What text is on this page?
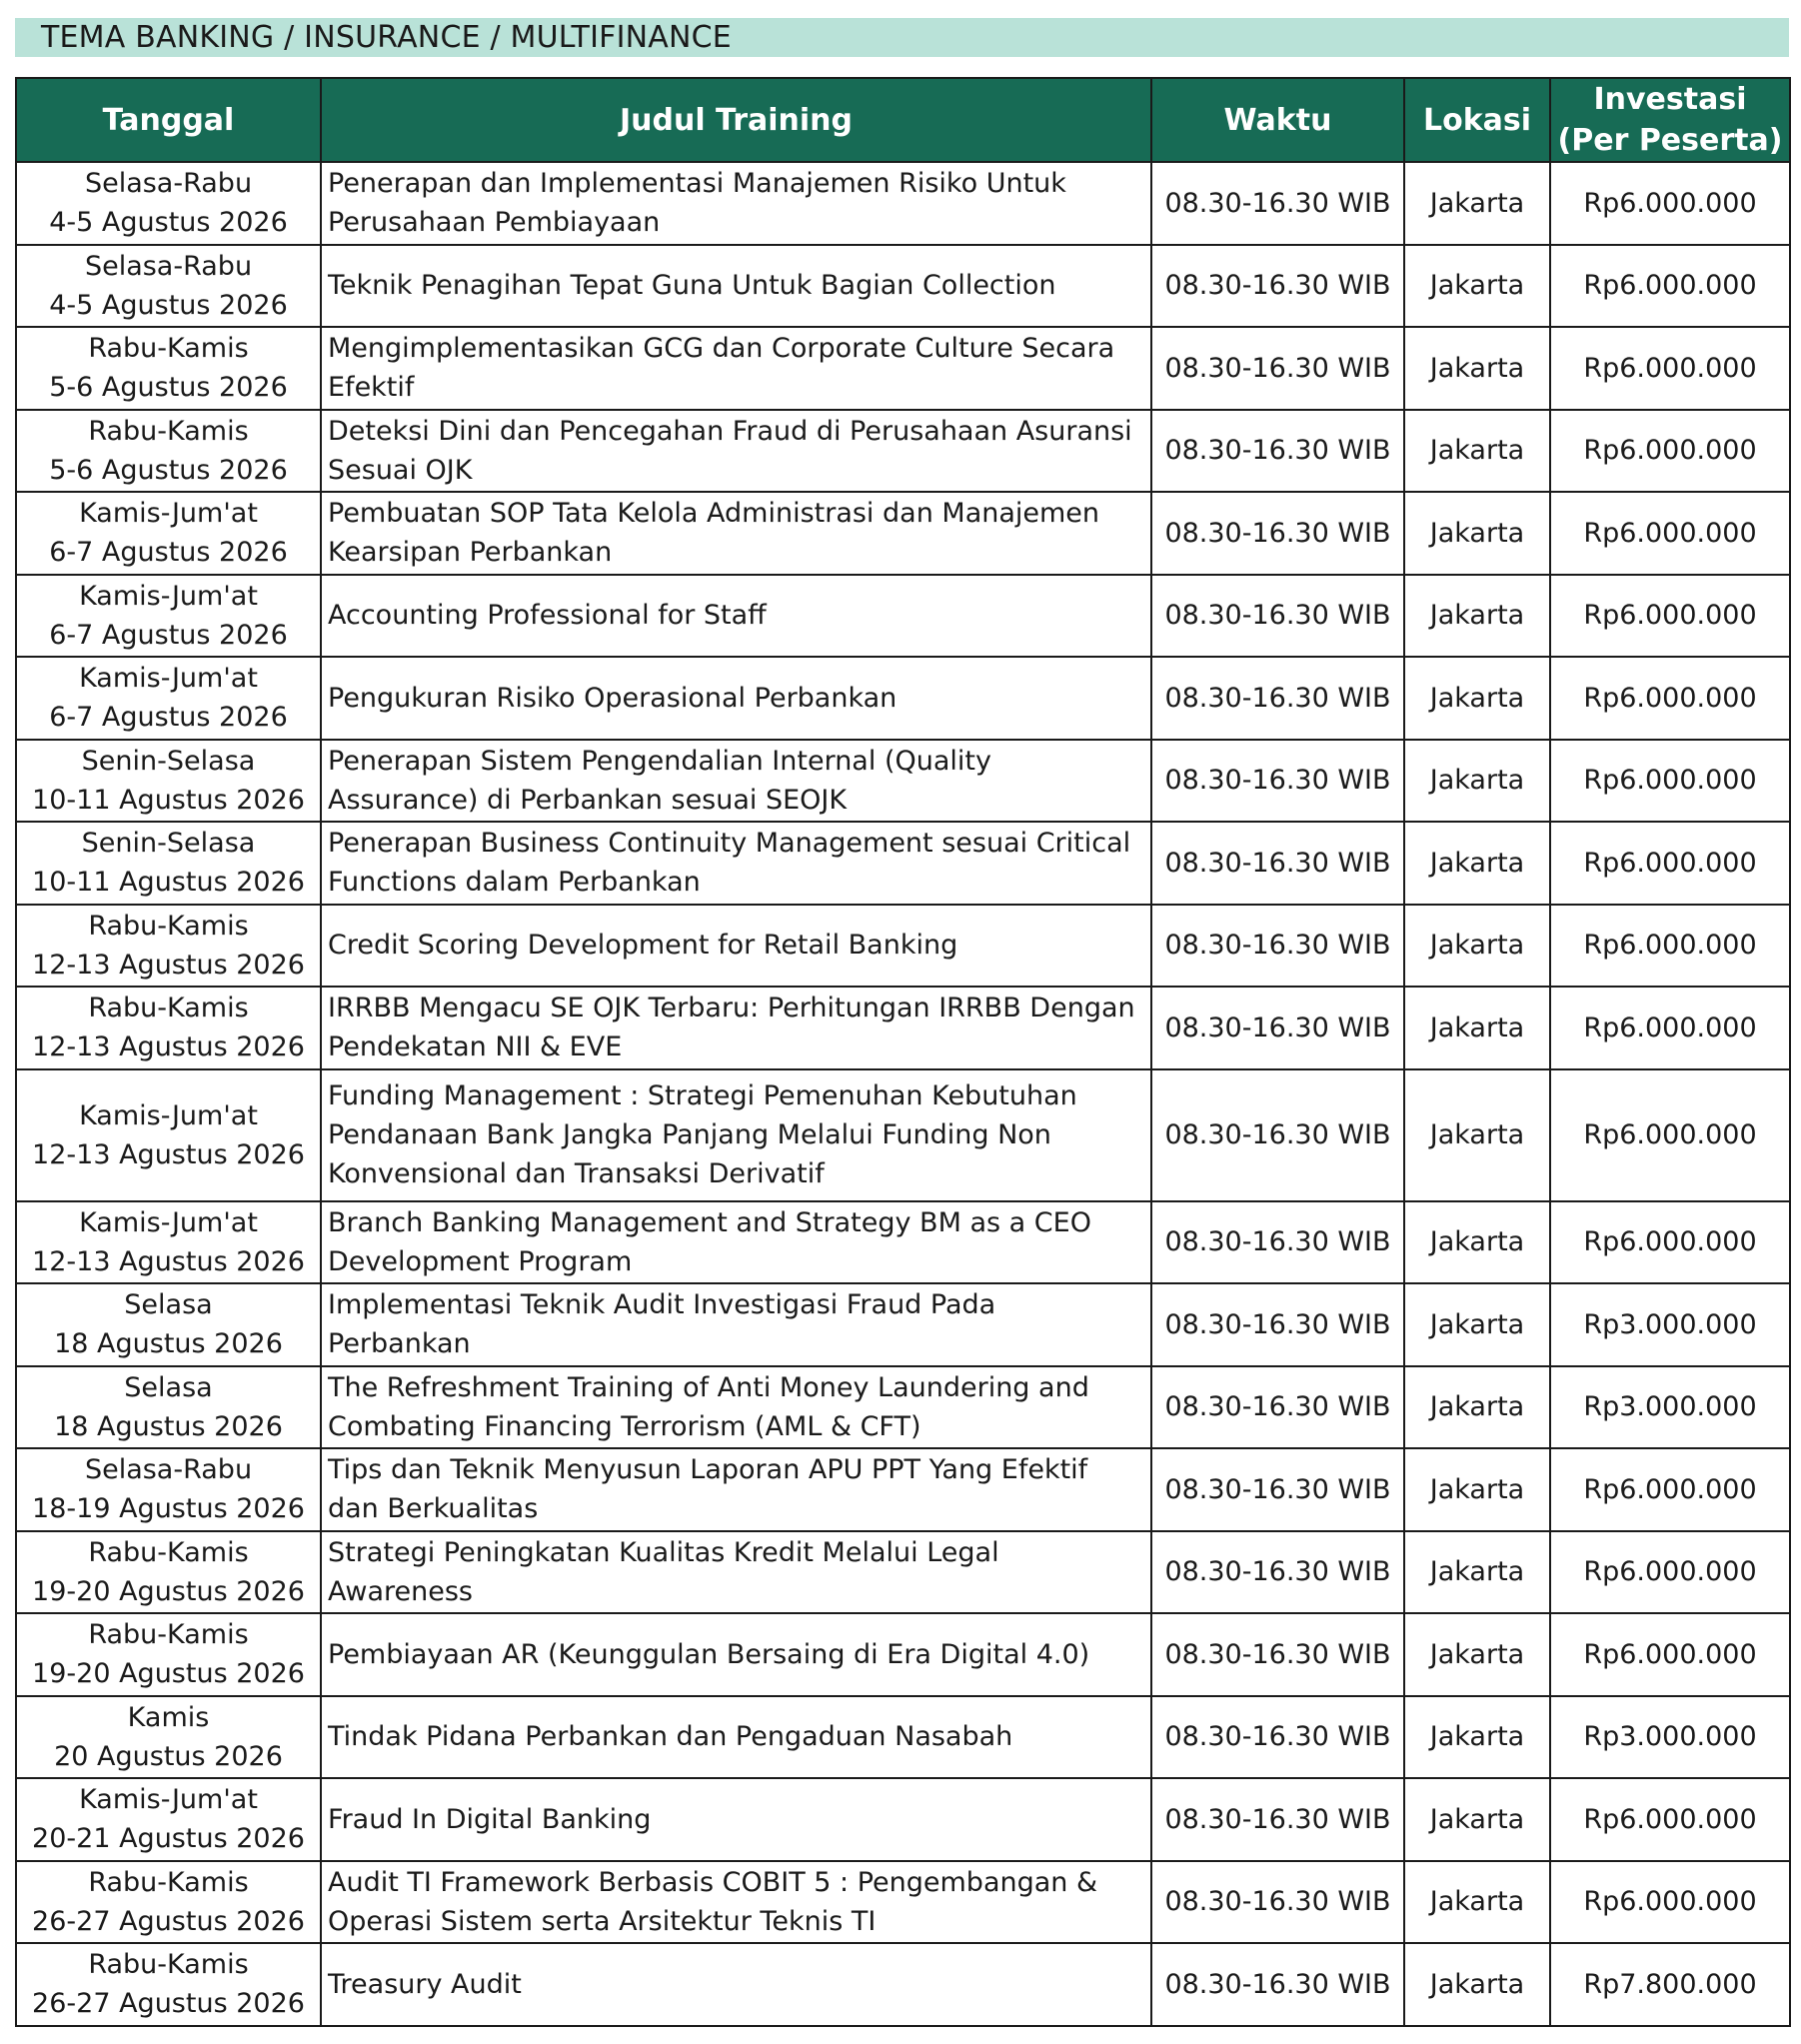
TEMA BANKING / INSURANCE / MULTIFINANCE
Tanggal	Judul Training	Waktu	Lokasi	Investasi
(Per Peserta)

Selasa-Rabu
4-5 Agustus 2026	Penerapan dan Implementasi Manajemen Risiko Untuk Perusahaan Pembiayaan	08.30-16.30 WIB	Jakarta	Rp6.000.000

Selasa-Rabu
4-5 Agustus 2026	Teknik Penagihan Tepat Guna Untuk Bagian Collection	08.30-16.30 WIB	Jakarta	Rp6.000.000

Rabu-Kamis
5-6 Agustus 2026	Mengimplementasikan GCG dan Corporate Culture Secara Efektif	08.30-16.30 WIB	Jakarta	Rp6.000.000

Rabu-Kamis
5-6 Agustus 2026	Deteksi Dini dan Pencegahan Fraud di Perusahaan Asuransi Sesuai OJK	08.30-16.30 WIB	Jakarta	Rp6.000.000

Kamis-Jum'at
6-7 Agustus 2026	Pembuatan SOP Tata Kelola Administrasi dan Manajemen Kearsipan Perbankan	08.30-16.30 WIB	Jakarta	Rp6.000.000

Kamis-Jum'at
6-7 Agustus 2026	Accounting Professional for Staff	08.30-16.30 WIB	Jakarta	Rp6.000.000

Kamis-Jum'at
6-7 Agustus 2026	Pengukuran Risiko Operasional Perbankan	08.30-16.30 WIB	Jakarta	Rp6.000.000

Senin-Selasa
10-11 Agustus 2026	Penerapan Sistem Pengendalian Internal (Quality Assurance) di Perbankan sesuai SEOJK	08.30-16.30 WIB	Jakarta	Rp6.000.000

Senin-Selasa
10-11 Agustus 2026	Penerapan Business Continuity Management sesuai Critical Functions dalam Perbankan	08.30-16.30 WIB	Jakarta	Rp6.000.000

Rabu-Kamis
12-13 Agustus 2026	Credit Scoring Development for Retail Banking	08.30-16.30 WIB	Jakarta	Rp6.000.000

Rabu-Kamis
12-13 Agustus 2026	IRRBB Mengacu SE OJK Terbaru: Perhitungan IRRBB Dengan Pendekatan NII & EVE	08.30-16.30 WIB	Jakarta	Rp6.000.000

Kamis-Jum'at
12-13 Agustus 2026	Funding Management : Strategi Pemenuhan Kebutuhan Pendanaan Bank Jangka Panjang Melalui Funding Non Konvensional dan Transaksi Derivatif	08.30-16.30 WIB	Jakarta	Rp6.000.000

Kamis-Jum'at
12-13 Agustus 2026	Branch Banking Management and Strategy BM as a CEO Development Program	08.30-16.30 WIB	Jakarta	Rp6.000.000

Selasa
18 Agustus 2026	Implementasi Teknik Audit Investigasi Fraud Pada Perbankan	08.30-16.30 WIB	Jakarta	Rp3.000.000

Selasa
18 Agustus 2026	The Refreshment Training of Anti Money Laundering and Combating Financing Terrorism (AML & CFT)	08.30-16.30 WIB	Jakarta	Rp3.000.000

Selasa-Rabu
18-19 Agustus 2026	Tips dan Teknik Menyusun Laporan APU PPT Yang Efektif dan Berkualitas	08.30-16.30 WIB	Jakarta	Rp6.000.000

Rabu-Kamis
19-20 Agustus 2026	Strategi Peningkatan Kualitas Kredit Melalui Legal Awareness	08.30-16.30 WIB	Jakarta	Rp6.000.000

Rabu-Kamis
19-20 Agustus 2026	Pembiayaan AR (Keunggulan Bersaing di Era Digital 4.0)	08.30-16.30 WIB	Jakarta	Rp6.000.000

Kamis
20 Agustus 2026	Tindak Pidana Perbankan dan Pengaduan Nasabah	08.30-16.30 WIB	Jakarta	Rp3.000.000

Kamis-Jum'at
20-21 Agustus 2026	Fraud In Digital Banking	08.30-16.30 WIB	Jakarta	Rp6.000.000

Rabu-Kamis
26-27 Agustus 2026	Audit TI Framework Berbasis COBIT 5 : Pengembangan & Operasi Sistem serta Arsitektur Teknis TI	08.30-16.30 WIB	Jakarta	Rp6.000.000

Rabu-Kamis
26-27 Agustus 2026	Treasury Audit	08.30-16.30 WIB	Jakarta	Rp7.800.000
